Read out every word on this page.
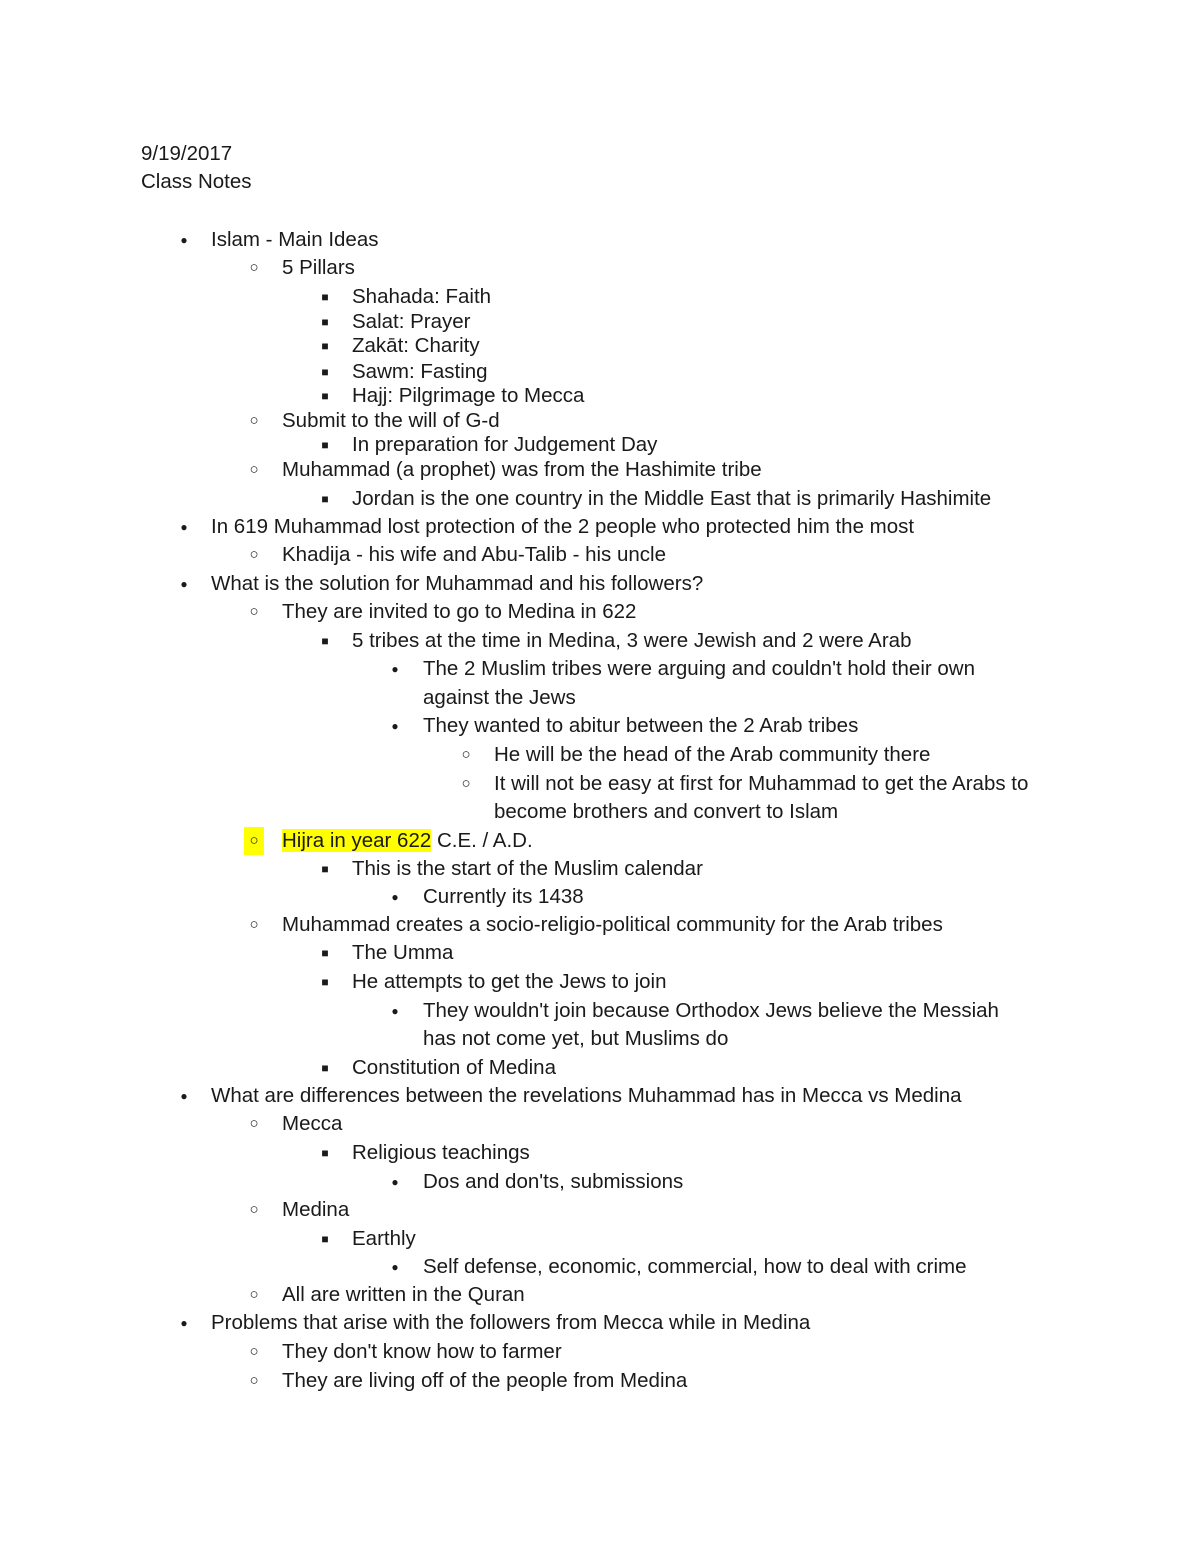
9/19/2017
Class Notes
●
Islam - Main Ideas
○
5 Pillars
■
Shahada: Faith
■
Salat: Prayer
■
Zakāt: Charity
■
Sawm: Fasting
■
Hajj: Pilgrimage to Mecca
○
Submit to the will of G-d
■
In preparation for Judgement Day
○
Muhammad (a prophet) was from the Hashimite tribe
■
Jordan is the one country in the Middle East that is primarily Hashimite
●
In 619 Muhammad lost protection of the 2 people who protected him the most
○
Khadija - his wife and Abu-Talib - his uncle
●
What is the solution for Muhammad and his followers?
○
They are invited to go to Medina in 622
■
5 tribes at the time in Medina, 3 were Jewish and 2 were Arab
●
The 2 Muslim tribes were arguing and couldn't hold their own
against the Jews
●
They wanted to abitur between the 2 Arab tribes
○
He will be the head of the Arab community there
○
It will not be easy at first for Muhammad to get the Arabs to
become brothers and convert to Islam
○
Hijra in year 622 C.E. / A.D.
■
This is the start of the Muslim calendar
●
Currently its 1438
○
Muhammad creates a socio-religio-political community for the Arab tribes
■
The Umma
■
He attempts to get the Jews to join
●
They wouldn't join because Orthodox Jews believe the Messiah
has not come yet, but Muslims do
■
Constitution of Medina
●
What are differences between the revelations Muhammad has in Mecca vs Medina
○
Mecca
■
Religious teachings
●
Dos and don'ts, submissions
○
Medina
■
Earthly
●
Self defense, economic, commercial, how to deal with crime
○
All are written in the Quran
●
Problems that arise with the followers from Mecca while in Medina
○
They don't know how to farmer
○
They are living off of the people from Medina
